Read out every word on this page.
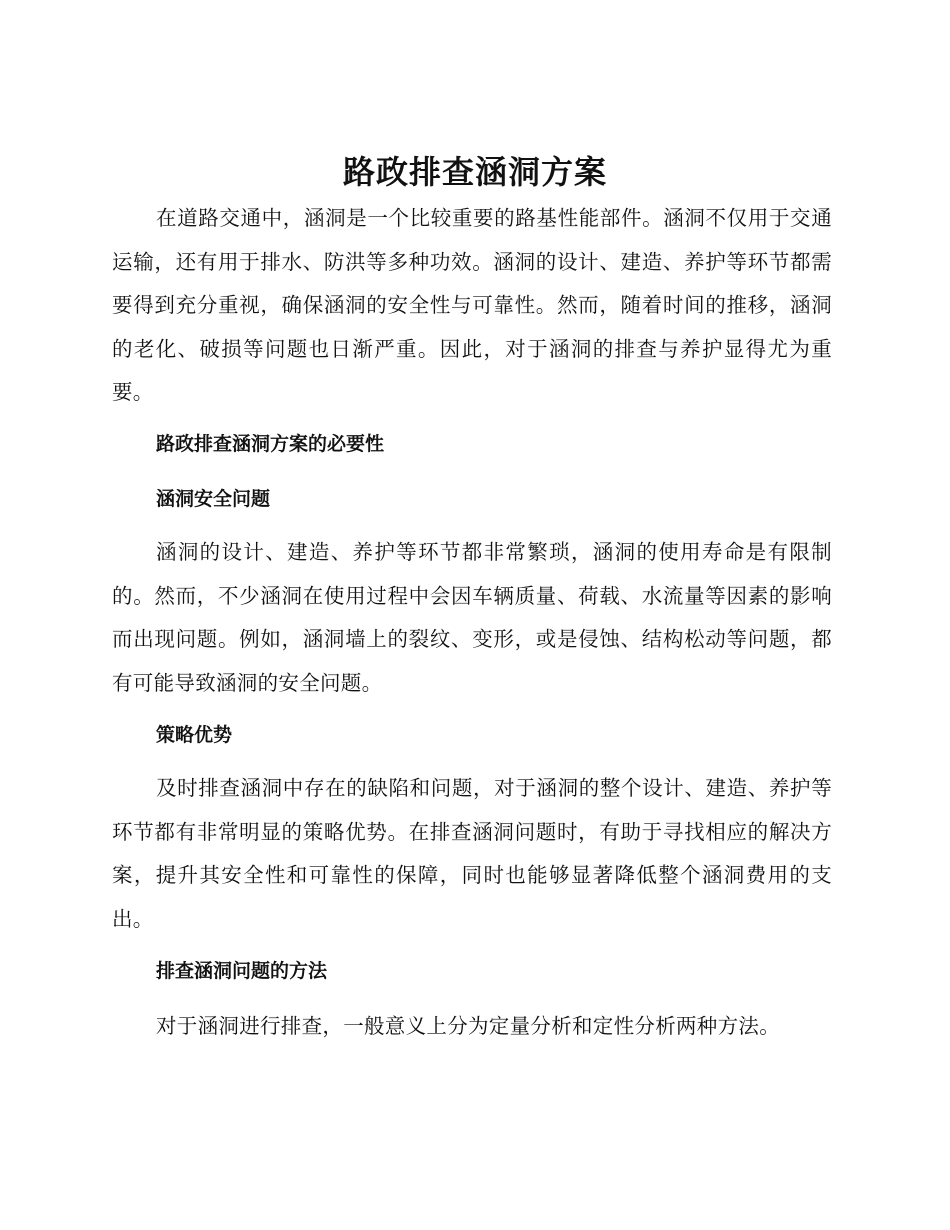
路政排查涵洞方案

在道路交通中，涵洞是一个比较重要的路基性能部件。涵洞不仅用于交通运输，还有用于排水、防洪等多种功效。涵洞的设计、建造、养护等环节都需要得到充分重视，确保涵洞的安全性与可靠性。然而，随着时间的推移，涵洞的老化、破损等问题也日渐严重。因此，对于涵洞的排查与养护显得尤为重要。

路政排查涵洞方案的必要性
涵洞安全问题

涵洞的设计、建造、养护等环节都非常繁琐，涵洞的使用寿命是有限制的。然而，不少涵洞在使用过程中会因车辆质量、荷载、水流量等因素的影响而出现问题。例如，涵洞墙上的裂纹、变形，或是侵蚀、结构松动等问题，都有可能导致涵洞的安全问题。

策略优势

及时排查涵洞中存在的缺陷和问题，对于涵洞的整个设计、建造、养护等环节都有非常明显的策略优势。在排查涵洞问题时，有助于寻找相应的解决方案，提升其安全性和可靠性的保障，同时也能够显著降低整个涵洞费用的支出。

排查涵洞问题的方法

对于涵洞进行排查，一般意义上分为定量分析和定性分析两种方法。
